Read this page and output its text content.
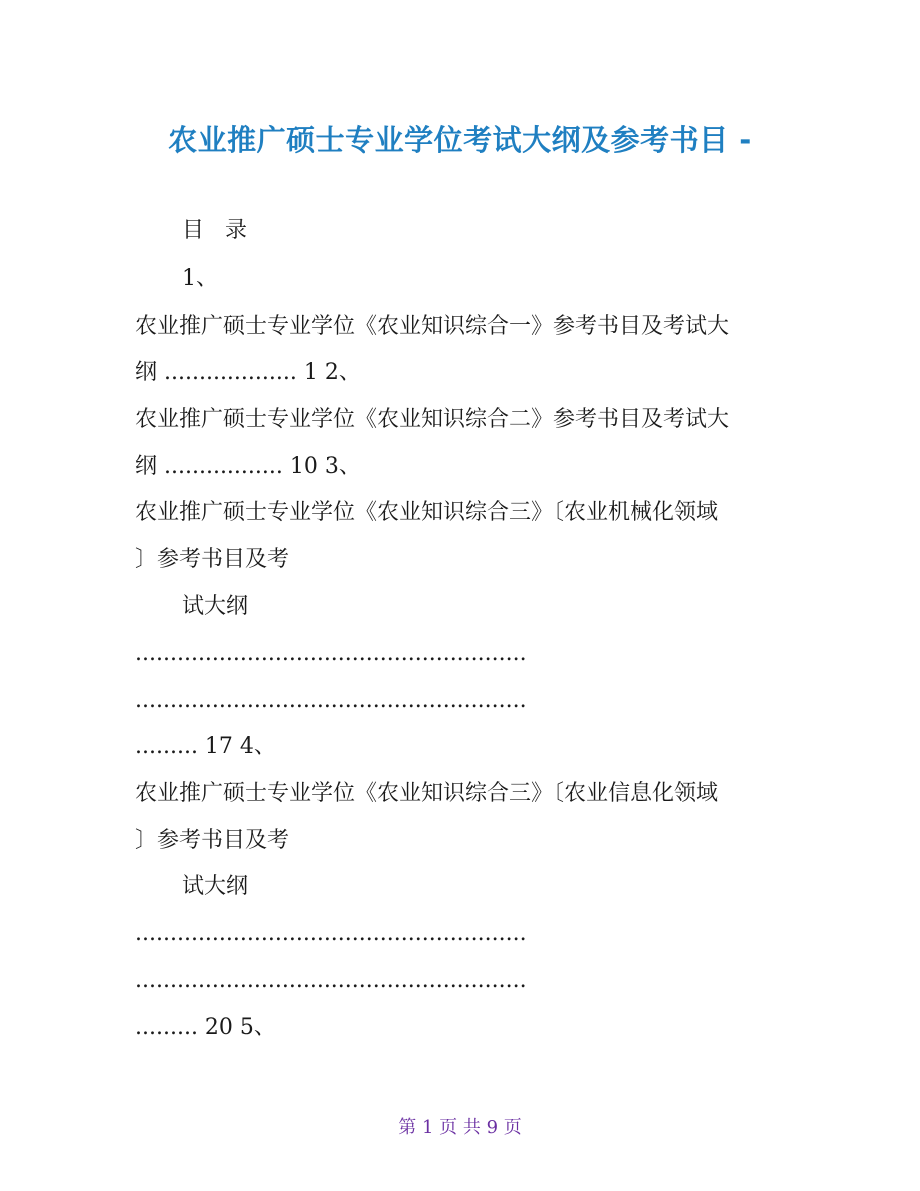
农业推广硕士专业学位考试大纲及参考书目 -
目   录
1、
农业推广硕士专业学位《农业知识综合一》参考书目及考试大
纲 ................... 1 2、
农业推广硕士专业学位《农业知识综合二》参考书目及考试大
纲 ................. 10 3、
农业推广硕士专业学位《农业知识综合三》〔农业机械化领域
〕参考书目及考
试大纲
........................................................
........................................................
......... 17 4、
农业推广硕士专业学位《农业知识综合三》〔农业信息化领域
〕参考书目及考
试大纲
........................................................
........................................................
......... 20 5、
第 1 页 共 9 页
